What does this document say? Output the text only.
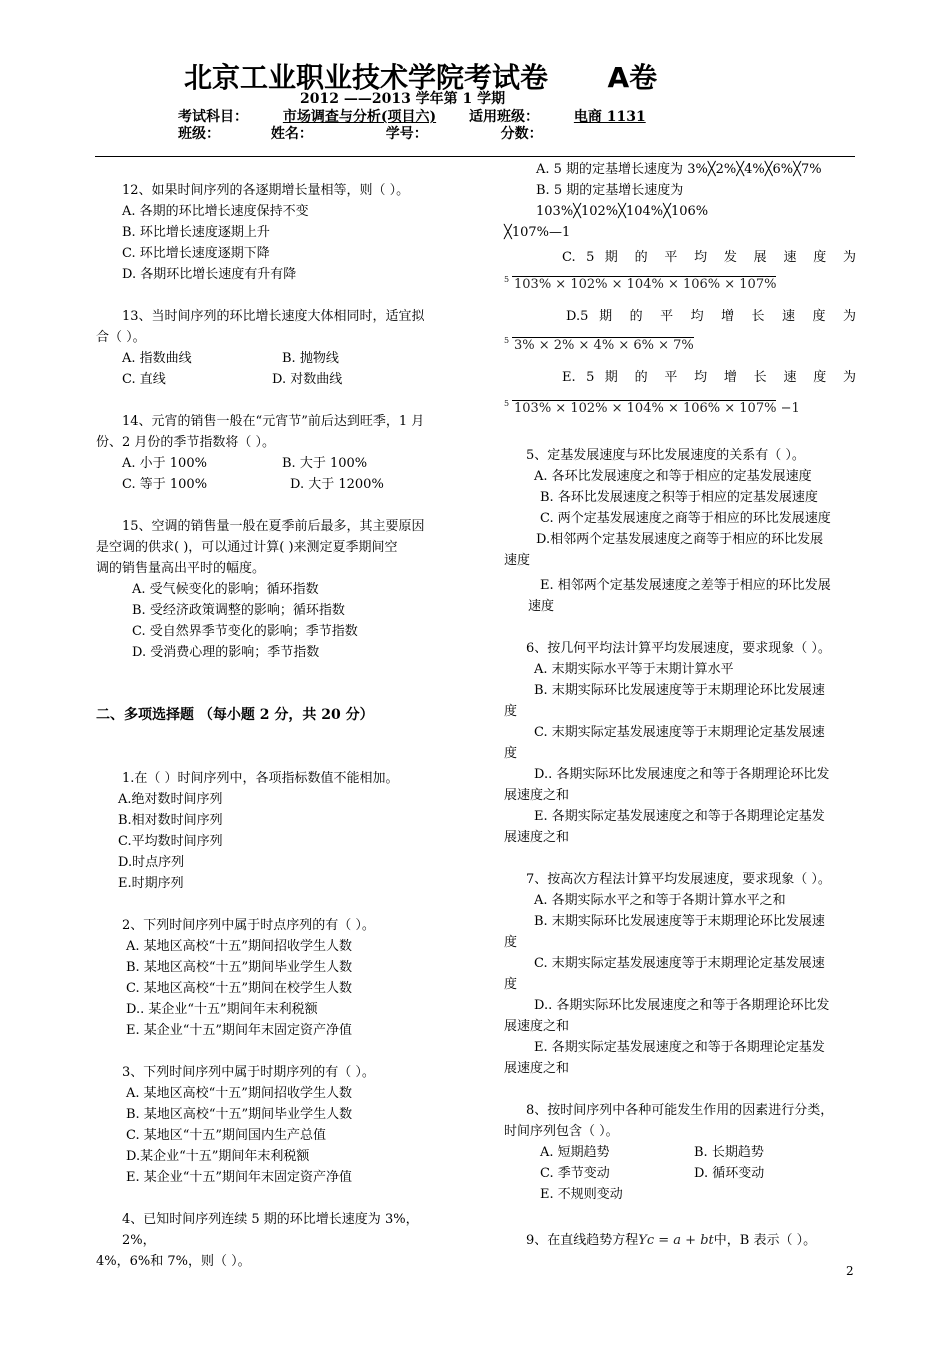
北京工业职业技术学院考试卷 A卷
2012 ——2013 学年第 1 学期
考试科目： 市场调查与分析(项目六) 适用班级： 电商 1131
班级：	姓名：	学号：	分数：

12、如果时间序列的各逐期增长量相等，则（ ）。

A. 各期的环比增长速度保持不变

B. 环比增长速度逐期上升

C. 环比增长速度逐期下降

D. 各期环比增长速度有升有降

13、当时间序列的环比增长速度大体相同时，适宜拟

合（ ）。

A. 指数曲线	B. 抛物线

C. 直线	D. 对数曲线

14、元宵的销售一般在“元宵节”前后达到旺季，1 月

份、2 月份的季节指数将（ ）。

A. 小于 100%	B. 大于 100%

C. 等于 100%	D. 大于 1200%

15、空调的销售量一般在夏季前后最多，其主要原因

是空调的供求( )，可以通过计算( )来测定夏季期间空

调的销售量高出平时的幅度。

A. 受气候变化的影响；循环指数

B. 受经济政策调整的影响；循环指数

C. 受自然界季节变化的影响；季节指数

D. 受消费心理的影响；季节指数

二、多项选择题 （每小题 2 分，共 20 分）

1.在（ ）时间序列中，各项指标数值不能相加。

A.绝对数时间序列

B.相对数时间序列

C.平均数时间序列

D.时点序列

E.时期序列

2、下列时间序列中属于时点序列的有（ ）。

A. 某地区高校“十五”期间招收学生人数

B. 某地区高校“十五”期间毕业学生人数

C. 某地区高校“十五”期间在校学生人数

D.. 某企业“十五”期间年末利税额

E. 某企业“十五”期间年末固定资产净值

3、下列时间序列中属于时期序列的有（ ）。

A. 某地区高校“十五”期间招收学生人数

B. 某地区高校“十五”期间毕业学生人数

C. 某地区“十五”期间国内生产总值

D.某企业“十五”期间年末利税额

E. 某企业“十五”期间年末固定资产净值

4、已知时间序列连续 5 期的环比增长速度为 3%，2%，

4%，6%和 7%，则（ ）。

A. 5 期的定基增长速度为 3%╳2%╳4%╳6%╳7%

B. 5 期的定基增长速度为 103%╳102%╳104%╳106%

╳107%—1

C. 5 期 的 平 均 发 展 速 度 为

5 103% × 102% × 104% × 106% × 107%

D.5 期 的 平 均 增 长 速 度 为

5 3% × 2% × 4% × 6% × 7%

E. 5 期 的 平 均 增 长 速 度 为

5 103% × 102% × 104% × 106% × 107% −1

5、定基发展速度与环比发展速度的关系有（ ）。

A. 各环比发展速度之和等于相应的定基发展速度

B. 各环比发展速度之积等于相应的定基发展速度

C. 两个定基发展速度之商等于相应的环比发展速度

D.相邻两个定基发展速度之商等于相应的环比发展

速度

E. 相邻两个定基发展速度之差等于相应的环比发展

速度

6、按几何平均法计算平均发展速度，要求现象（ ）。

A. 末期实际水平等于末期计算水平

B. 末期实际环比发展速度等于末期理论环比发展速

度

C. 末期实际定基发展速度等于末期理论定基发展速

度

D.. 各期实际环比发展速度之和等于各期理论环比发

展速度之和

E. 各期实际定基发展速度之和等于各期理论定基发

展速度之和

7、按高次方程法计算平均发展速度，要求现象（ ）。

A. 各期实际水平之和等于各期计算水平之和

B. 末期实际环比发展速度等于末期理论环比发展速

度

C. 末期实际定基发展速度等于末期理论定基发展速

度

D.. 各期实际环比发展速度之和等于各期理论环比发

展速度之和

E. 各期实际定基发展速度之和等于各期理论定基发

展速度之和

8、按时间序列中各种可能发生作用的因素进行分类，

时间序列包含（ ）。

A. 短期趋势	B. 长期趋势

C. 季节变动	D. 循环变动

E. 不规则变动

9、在直线趋势方程Yc = a + bt中，B 表示（ ）。

2
